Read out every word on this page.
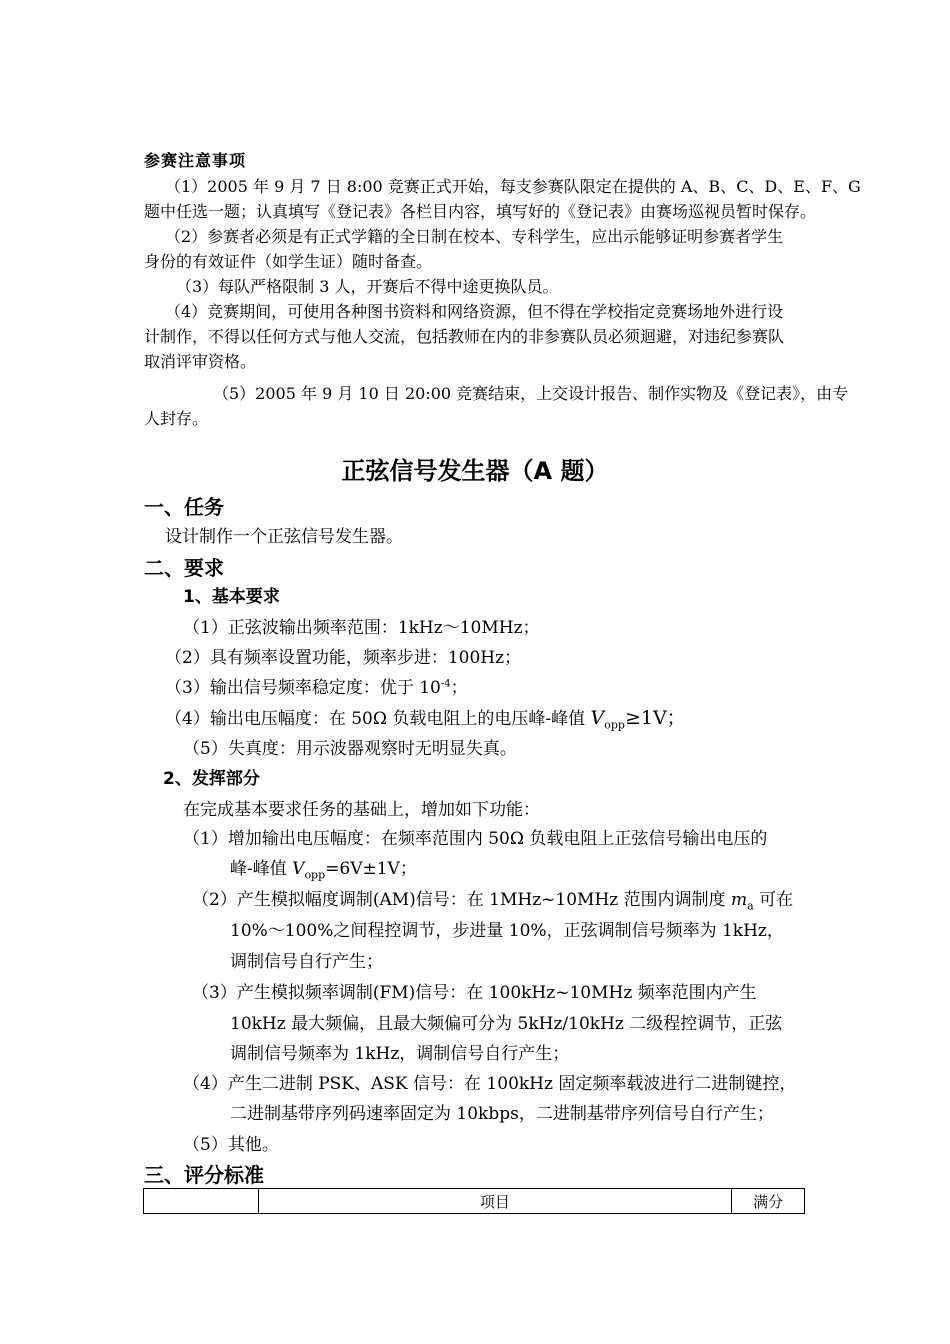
参赛注意事项
（1）2005 年 9 月 7 日 8:00 竞赛正式开始，每支参赛队限定在提供的 A、B、C、D、E、F、G
题中任选一题；认真填写《登记表》各栏目内容，填写好的《登记表》由赛场巡视员暂时保存。
（2）参赛者必须是有正式学籍的全日制在校本、专科学生，应出示能够证明参赛者学生
身份的有效证件（如学生证）随时备查。
（3）每队严格限制 3 人，开赛后不得中途更换队员。
（4）竞赛期间，可使用各种图书资料和网络资源，但不得在学校指定竞赛场地外进行设
计制作，不得以任何方式与他人交流，包括教师在内的非参赛队员必须迴避，对违纪参赛队
取消评审资格。
（5）2005 年 9 月 10 日 20:00 竞赛结束，上交设计报告、制作实物及《登记表》，由专
人封存。
正弦信号发生器（A 题）
一、任务
设计制作一个正弦信号发生器。
二、要求
1、基本要求
（1）正弦波输出频率范围：1kHz～10MHz；
（2）具有频率设置功能，频率步进：100Hz；
（3）输出信号频率稳定度：优于 $10^{-4}$；
（4）输出电压幅度：在 50Ω 负载电阻上的电压峰-峰值 $V_{opp}\ge 1V$；
（5）失真度：用示波器观察时无明显失真。
2、发挥部分
在完成基本要求任务的基础上，增加如下功能：
（1）增加输出电压幅度：在频率范围内 50Ω 负载电阻上正弦信号输出电压的
峰-峰值 $V_{opp}=6V\pm 1V$；
（2）产生模拟幅度调制(AM)信号：在 1MHz~10MHz 范围内调制度 $m_a$ 可在
10%～100%之间程控调节，步进量 10%，正弦调制信号频率为 1kHz，
调制信号自行产生；
（3）产生模拟频率调制(FM)信号：在 100kHz~10MHz 频率范围内产生
10kHz 最大频偏，且最大频偏可分为 5kHz/10kHz 二级程控调节，正弦
调制信号频率为 1kHz，调制信号自行产生；
（4）产生二进制 PSK、ASK 信号：在 100kHz 固定频率载波进行二进制键控，
二进制基带序列码速率固定为 10kbps，二进制基带序列信号自行产生；
（5）其他。
三、评分标准
	项目	满分
